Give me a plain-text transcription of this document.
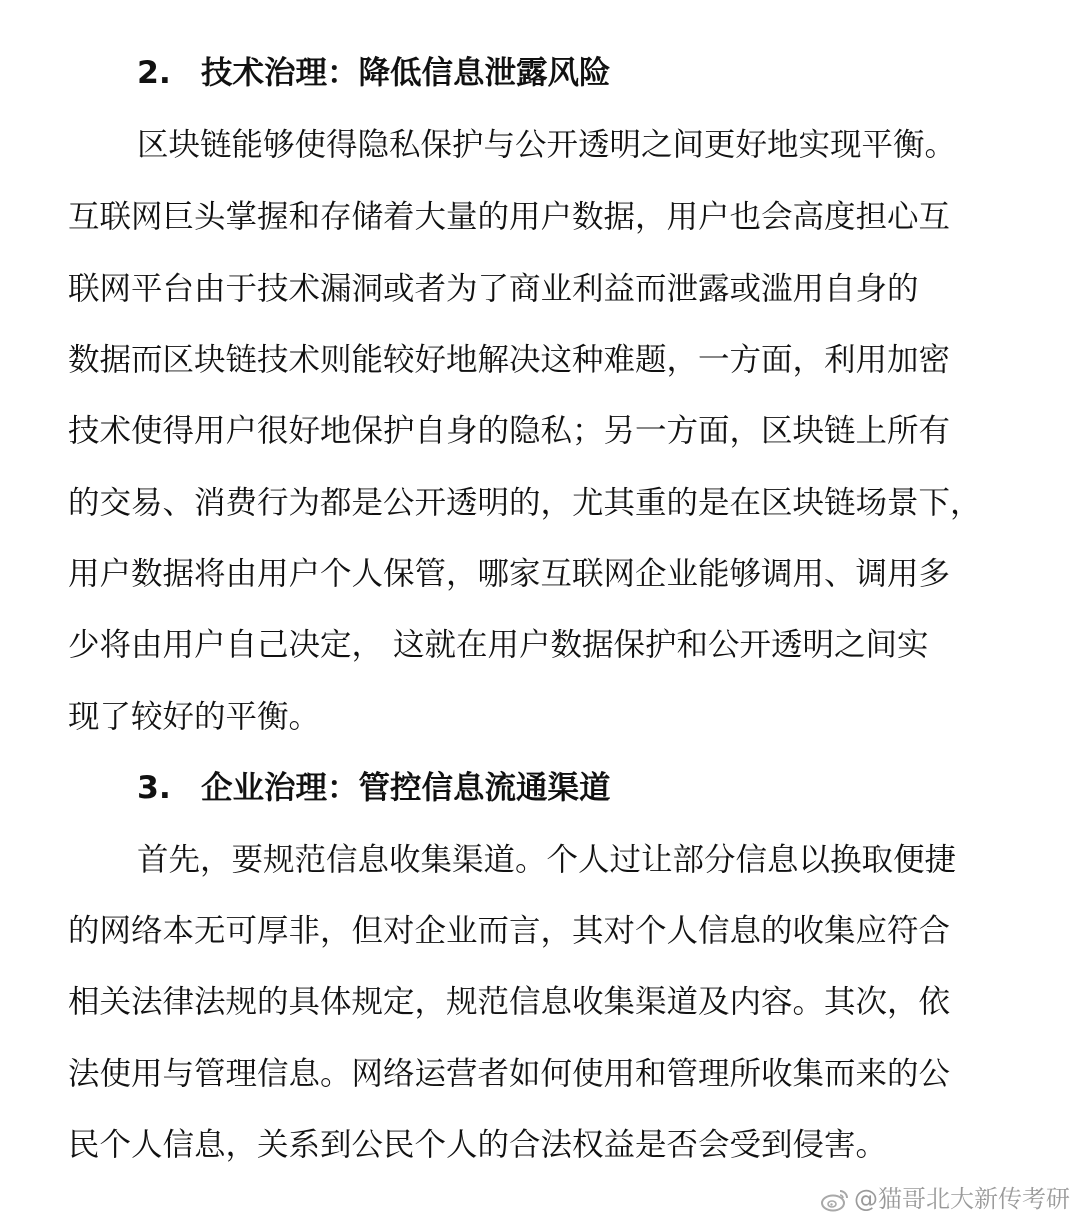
2. 技术治理：降低信息泄露风险
区块链能够使得隐私保护与公开透明之间更好地实现平衡。
互联网巨头掌握和存储着大量的用户数据，用户也会高度担心互
联网平台由于技术漏洞或者为了商业利益而泄露或滥用自身的
数据而区块链技术则能较好地解决这种难题，一方面，利用加密
技术使得用户很好地保护自身的隐私；另一方面，区块链上所有
的交易、消费行为都是公开透明的，尤其重的是在区块链场景下，
用户数据将由用户个人保管，哪家互联网企业能够调用、调用多
少将由用户自己决定， 这就在用户数据保护和公开透明之间实
现了较好的平衡。
3. 企业治理：管控信息流通渠道
首先，要规范信息收集渠道。个人过让部分信息以换取便捷
的网络本无可厚非，但对企业而言，其对个人信息的收集应符合
相关法律法规的具体规定，规范信息收集渠道及内容。其次，依
法使用与管理信息。网络运营者如何使用和管理所收集而来的公
民个人信息，关系到公民个人的合法权益是否会受到侵害。
@猫哥北大新传考研
